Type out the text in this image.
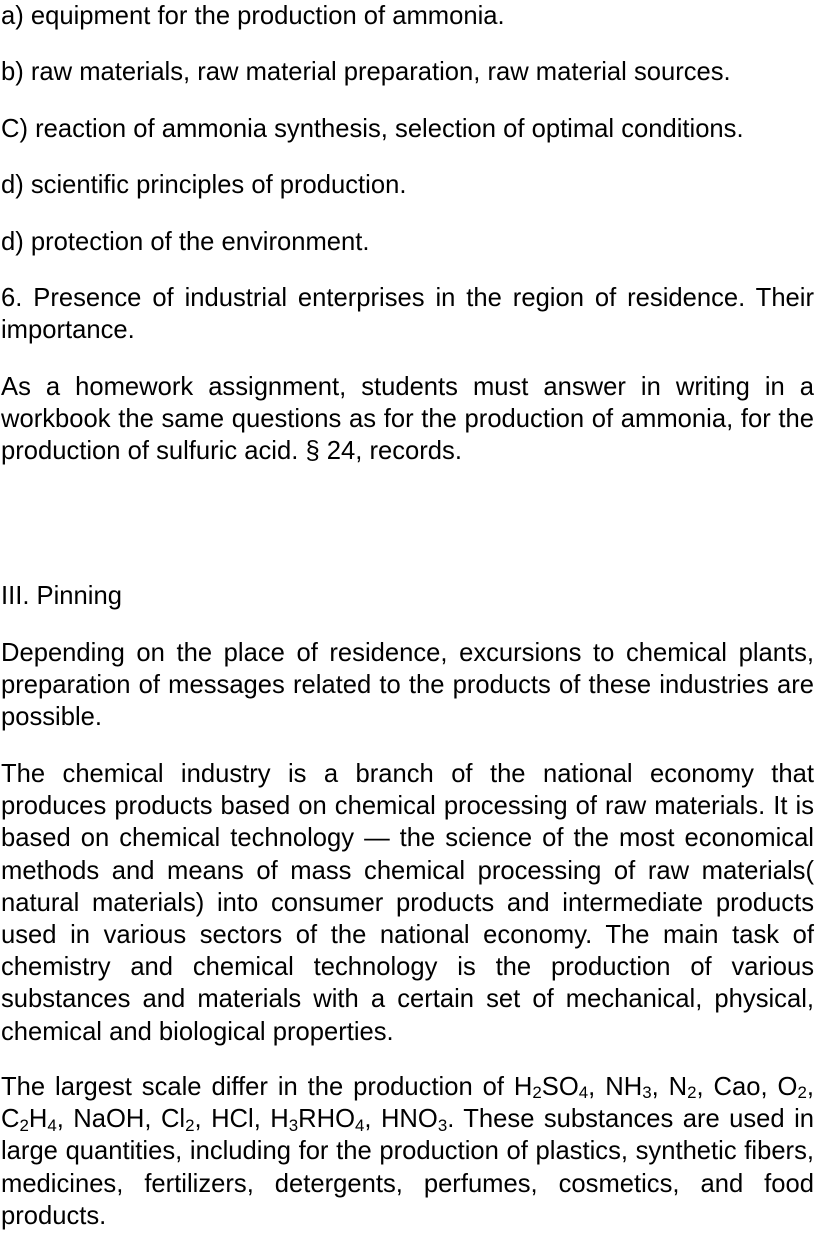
a) equipment for the production of ammonia.

b) raw materials, raw material preparation, raw material sources.

C) reaction of ammonia synthesis, selection of optimal conditions.

d) scientific principles of production.

d) protection of the environment.

6. Presence of industrial enterprises in the region of residence. Their importance.

As a homework assignment, students must answer in writing in a workbook the same questions as for the production of ammonia, for the production of sulfuric acid. § 24, records.

III. Pinning

Depending on the place of residence, excursions to chemical plants, preparation of messages related to the products of these industries are possible.

The chemical industry is a branch of the national economy that produces products based on chemical processing of raw materials. It is based on chemical technology — the science of the most economical methods and means of mass chemical processing of raw materials( natural materials) into consumer products and intermediate products used in various sectors of the national economy. The main task of chemistry and chemical technology is the production of various substances and materials with a certain set of mechanical, physical, chemical and biological properties.

The largest scale differ in the production of $H_2SO_4$, $NH_3$, $N_2$, Cao, $O_2$, $C_2H_4$, NaOH, $Cl_2$, HCl, $H_3RHO_4$, $HNO_3$. These substances are used in large quantities, including for the production of plastics, synthetic fibers, medicines, fertilizers, detergents, perfumes, cosmetics, and food products.
